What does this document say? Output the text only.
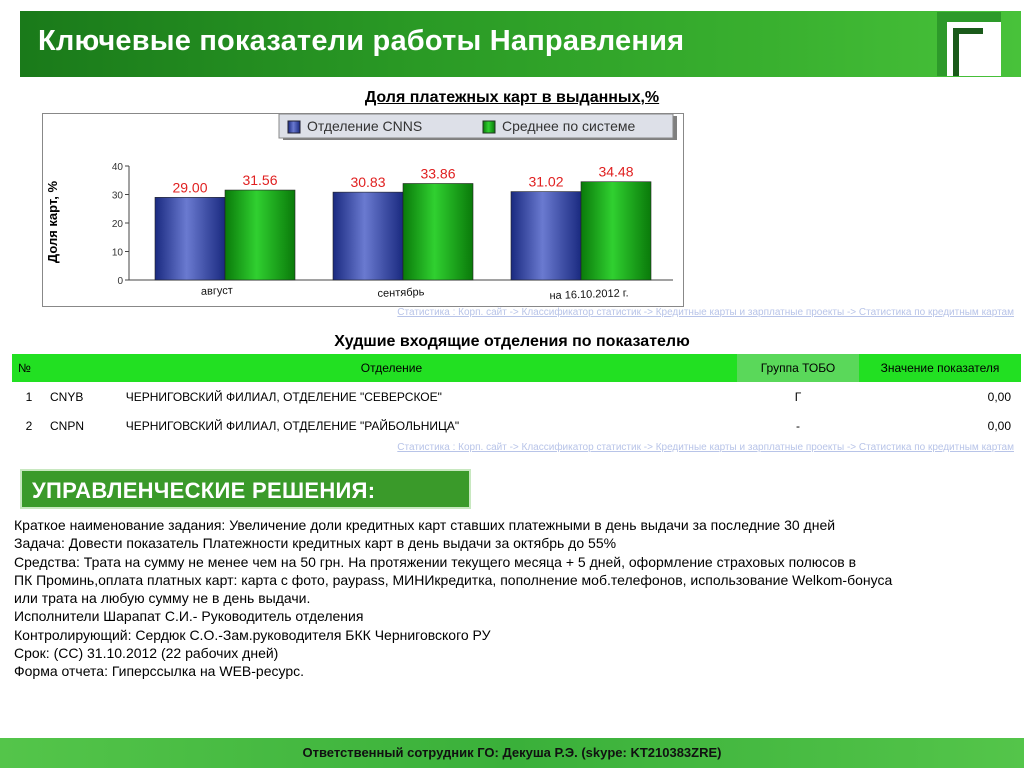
Ключевые показатели работы Направления
Доля платежных карт в выданных,%
Отделение CNNS	Среднее по системе
0
10
20
30
40
Доля карт, %	29.00 31.56
август
30.83
33.86
сентябрь
31.02
34.48
на 16.10.2012 г.
Статистика : Корп. сайт -> Классификатор статистик -> Кредитные карты и зарплатные проекты -> Статистика по кредитным картам
Худшие входящие отделения по показателю
№	Отделение		Группа ТОБО	Значение показателя
1	CNYB	ЧЕРНИГОВСКИЙ ФИЛИАЛ, ОТДЕЛЕНИЕ "СЕВЕРСКОЕ"	Г	0,00
2	CNPN	ЧЕРНИГОВСКИЙ ФИЛИАЛ, ОТДЕЛЕНИЕ "РАЙБОЛЬНИЦА"	-	0,00
Статистика : Корп. сайт -> Классификатор статистик -> Кредитные карты и зарплатные проекты -> Статистика по кредитным картам
УПРАВЛЕНЧЕСКИЕ РЕШЕНИЯ:
Краткое наименование задания: Увеличение доли кредитных карт ставших платежными в день выдачи за последние 30 дней
Задача: Довести показатель Платежности кредитных карт в день выдачи за октябрь до 55%
Средства: Трата на сумму не менее чем на 50 грн. На протяжении текущего месяца + 5 дней, оформление страховых полюсов в
ПК Проминь,оплата платных карт: карта с фото, paypass, МИНИкредитка, пополнение моб.телефонов, использование Welkom-бонуса
или трата на любую сумму не в день выдачи.
Исполнители Шарапат С.И.- Руководитель отделения
Контролирующий: Сердюк С.О.-Зам.руководителя БКК Черниговского РУ
Срок: (СС) 31.10.2012 (22 рабочих дней)
Форма отчета: Гиперссылка на WEB-ресурс.
Ответственный сотрудник ГО: Декуша Р.Э. (skype: KT210383ZRE)
